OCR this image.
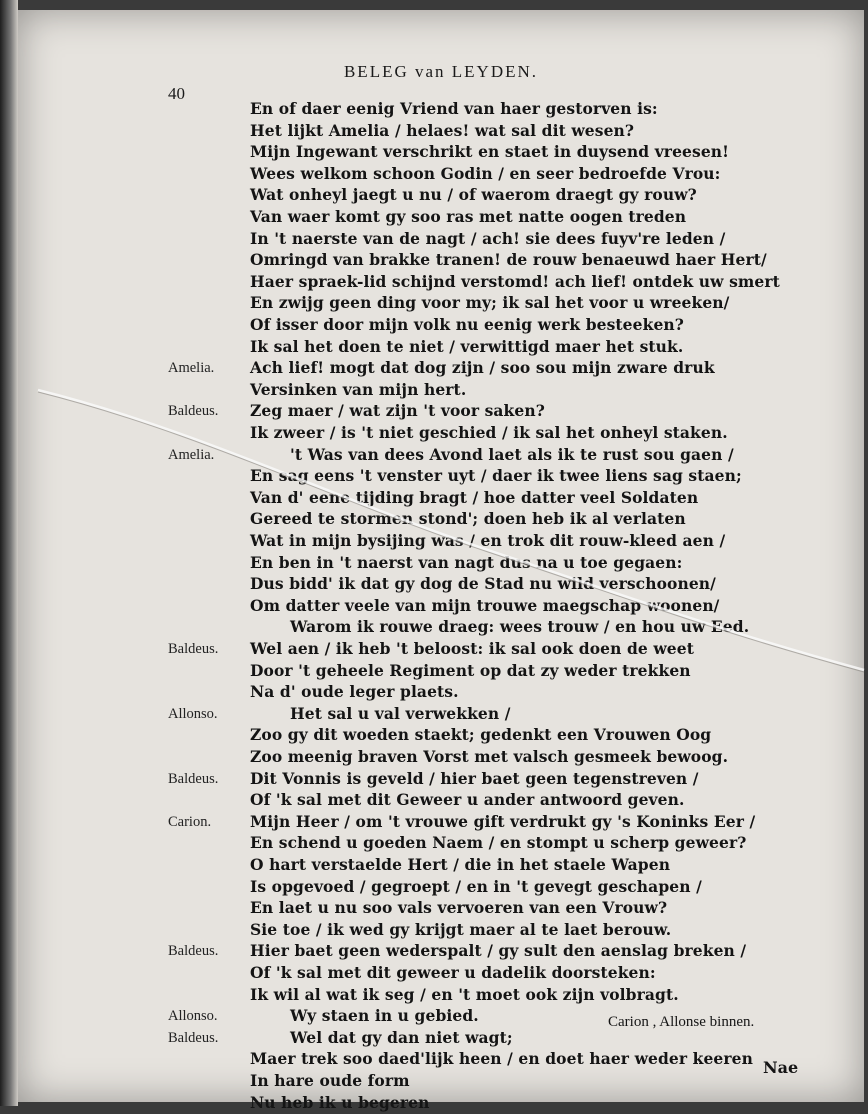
BELEG van LEYDEN.
40
En of daer eenig Vriend van haer gestorven is:
Het lijkt Amelia / helaes! wat sal dit wesen?
Mijn Ingewant verschrikt en staet in duysend vreesen!
Wees welkom schoon Godin / en seer bedroefde Vrou:
Wat onheyl jaegt u nu / of waerom draegt gy rouw?
Van waer komt gy soo ras met natte oogen treden
In 't naerste van de nagt / ach! sie dees fuyv're leden /
Omringd van brakke tranen! de rouw benaeuwd haer Hert/
Haer spraek-lid schijnd verstomd! ach lief! ontdek uw smert
En zwijg geen ding voor my; ik sal het voor u wreeken/
Of isser door mijn volk nu eenig werk besteeken?
Ik sal het doen te niet / verwittigd maer het stuk.
Ach lief! mogt dat dog zijn / soo sou mijn zware druk
Versinken van mijn hert.
Zeg maer / wat zijn 't voor saken?
Ik zweer / is 't niet geschied / ik sal het onheyl staken.
't Was van dees Avond laet als ik te rust sou gaen /
En sag eens 't venster uyt / daer ik twee liens sag staen;
Van d' eene tijding bragt / hoe datter veel Soldaten
Gereed te stormen stond'; doen heb ik al verlaten
Wat in mijn bysijing was / en trok dit rouw-kleed aen /
En ben in 't naerst van nagt dus na u toe gegaen:
Dus bidd' ik dat gy dog de Stad nu wild verschoonen/
Om datter veele van mijn trouwe maegschap woonen/
Warom ik rouwe draeg: wees trouw / en hou uw Eed.
Wel aen / ik heb 't beloost: ik sal ook doen de weet
Door 't geheele Regiment op dat zy weder trekken
Na d' oude leger plaets.
Het sal u val verwekken /
Zoo gy dit woeden staekt; gedenkt een Vrouwen Oog
Zoo meenig braven Vorst met valsch gesmeek bewoog.
Dit Vonnis is geveld / hier baet geen tegenstreven /
Of 'k sal met dit Geweer u ander antwoord geven.
Mijn Heer / om 't vrouwe gift verdrukt gy 's Koninks Eer /
En schend u goeden Naem / en stompt u scherp geweer?
O hart verstaelde Hert / die in het staele Wapen
Is opgevoed / gegroept / en in 't gevegt geschapen /
En laet u nu soo vals vervoeren van een Vrouw?
Sie toe / ik wed gy krijgt maer al te laet berouw.
Hier baet geen wederspalt / gy sult den aenslag breken /
Of 'k sal met dit geweer u dadelik doorsteken:
Ik wil al wat ik seg / en 't moet ook zijn volbragt.
Wy staen in u gebied.
Wel dat gy dan niet wagt;
Maer trek soo daed'lijk heen / en doet haer weder keeren
In hare oude form
Nu heb ik u begeren
Amelia.
Baldeus.
Amelia.
Baldeus.
Allonso.
Baldeus.
Carion.
Baldeus.
Allonso.
Baldeus.
Carion , Allonse binnen.
Nae
